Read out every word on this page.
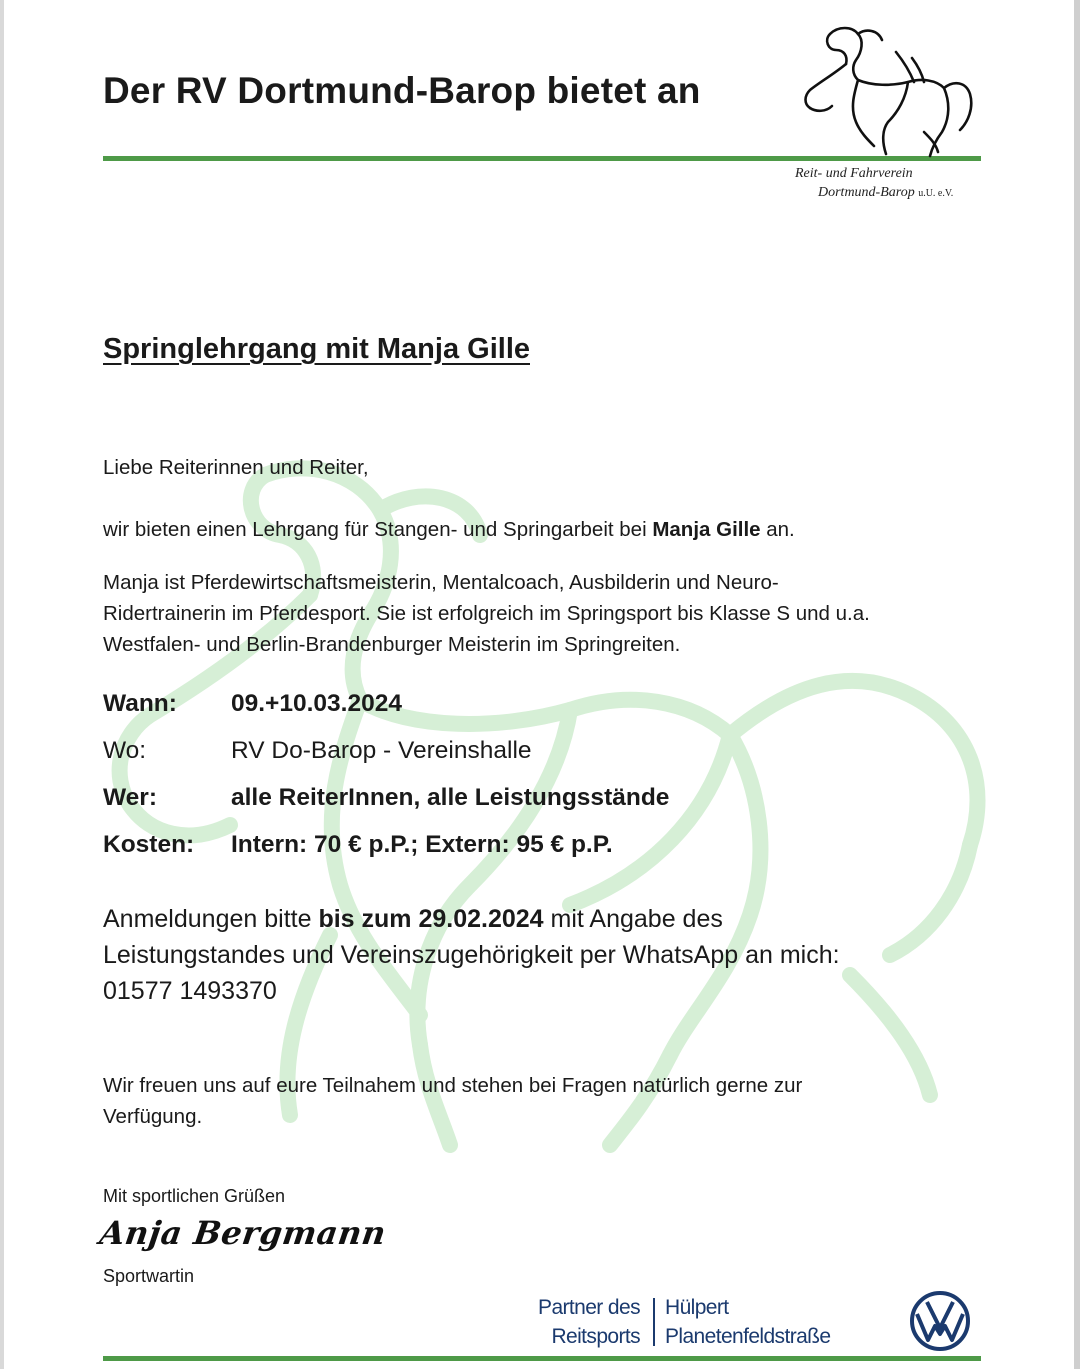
Der RV Dortmund-Barop bietet an
Reit- und Fahrverein
Dortmund-Barop u.U. e.V.
Springlehrgang mit Manja Gille
Liebe Reiterinnen und Reiter,
wir bieten einen Lehrgang für Stangen- und Springarbeit bei Manja Gille an.
Manja ist Pferdewirtschaftsmeisterin, Mentalcoach, Ausbilderin und Neuro-
Ridertrainerin im Pferdesport. Sie ist erfolgreich im Springsport bis Klasse S und u.a.
Westfalen- und Berlin-Brandenburger Meisterin im Springreiten.
Wann: 09.+10.03.2024
Wo:	RV Do-Barop - Vereinshalle
Wer:	alle ReiterInnen, alle Leistungsstände
Kosten: Intern: 70 € p.P.; Extern: 95 € p.P.
Anmeldungen bitte bis zum 29.02.2024 mit Angabe des
Leistungstandes und Vereinszugehörigkeit per WhatsApp an mich:
01577 1493370
Wir freuen uns auf eure Teilnahem und stehen bei Fragen natürlich gerne zur
Verfügung.
Mit sportlichen Grüßen
Anja Bergmann
Sportwartin
Partner des
Reitsports
Hülpert
Planetenfeldstraße
